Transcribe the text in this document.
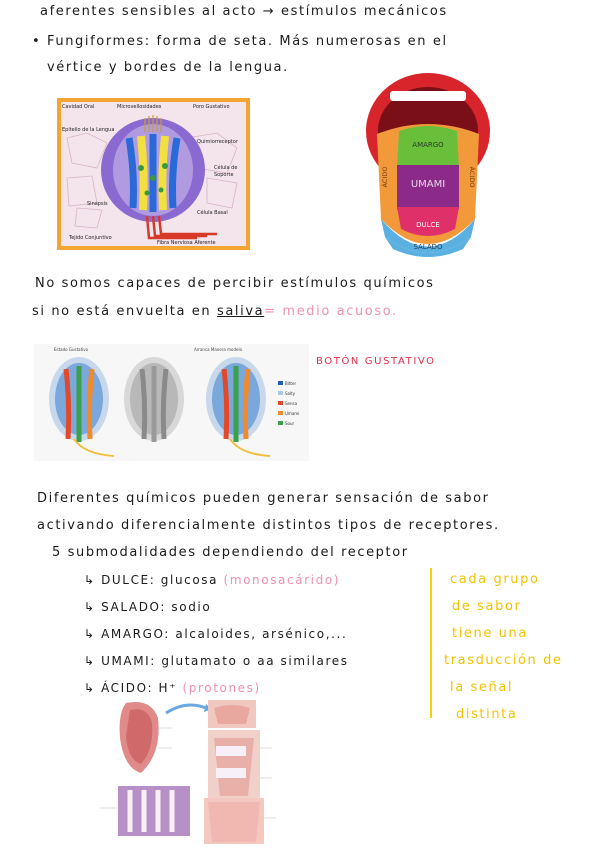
aferentes sensibles al acto → estímulos mecánicos
• Fungiformes: forma de seta. Más numerosas en el
vértice y bordes de la lengua.
Cavidad Oral	Microvellosidades	Poro Gustativo
Epitelio de la Lengua
Quimiorreceptor
Célula de
Soporte
Sinapsis
Célula Basal
Tejido Conjuntivo
Fibra Nerviosa Aferente
AMARGO
UMAMI
DULCE
SALADO
ÁCIDO	ÁCIDO
No somos capaces de percibir estímulos químicos
si no está envuelta en saliva= medio acuoso.
Estado Gustativo	Arranca Manera modelo
Bitter
Salty
Sensa
Umami
Sour
BOTÓN GUSTATIVO
Diferentes químicos pueden generar sensación de sabor
activando diferencialmente distintos tipos de receptores.
5 submodalidades dependiendo del receptor
↳ DULCE: glucosa (monosacárido)
↳ SALADO: sodio
↳ AMARGO: alcaloides, arsénico,...
↳ UMAMI: glutamato o aa similares
↳ ÁCIDO: H⁺ (protones)
cada grupo
de sabor
tiene una
trasducción de
la señal
distinta
